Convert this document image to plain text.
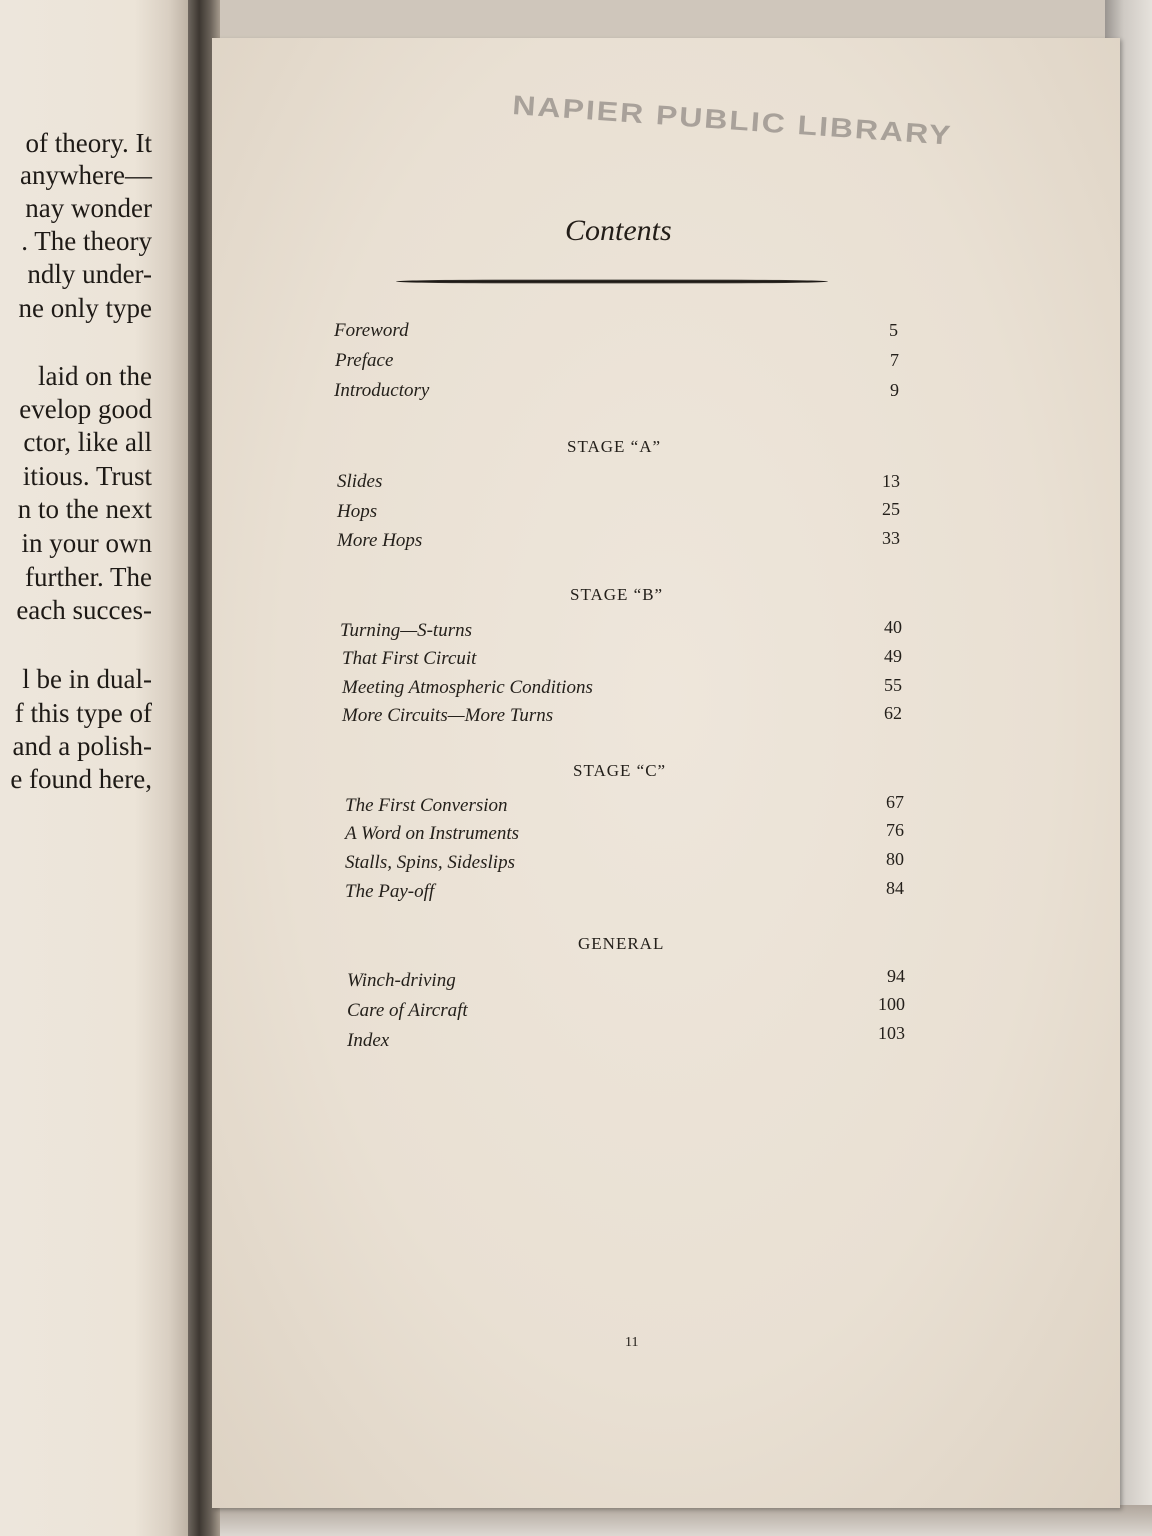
of theory. It
anywhere—
nay wonder
. The theory
ndly under-
ne only type
laid on the
evelop good
ctor, like all
itious. Trust
n to the next
in your own
further. The
each succes-
l be in dual-
f this type of
and a polish-
e found here,
NAPIER PUBLIC LIBRARY
Contents
Foreword	5
Preface	7
Introductory	9
STAGE “A”
Slides	13
Hops	25
More Hops	33
STAGE “B”
Turning—S-turns	40
That First Circuit	49
Meeting Atmospheric Conditions	55
More Circuits—More Turns	62
STAGE “C”
The First Conversion	67
A Word on Instruments	76
Stalls, Spins, Sideslips	80
The Pay-off	84
GENERAL
Winch-driving	94
Care of Aircraft	100
Index	103
11
